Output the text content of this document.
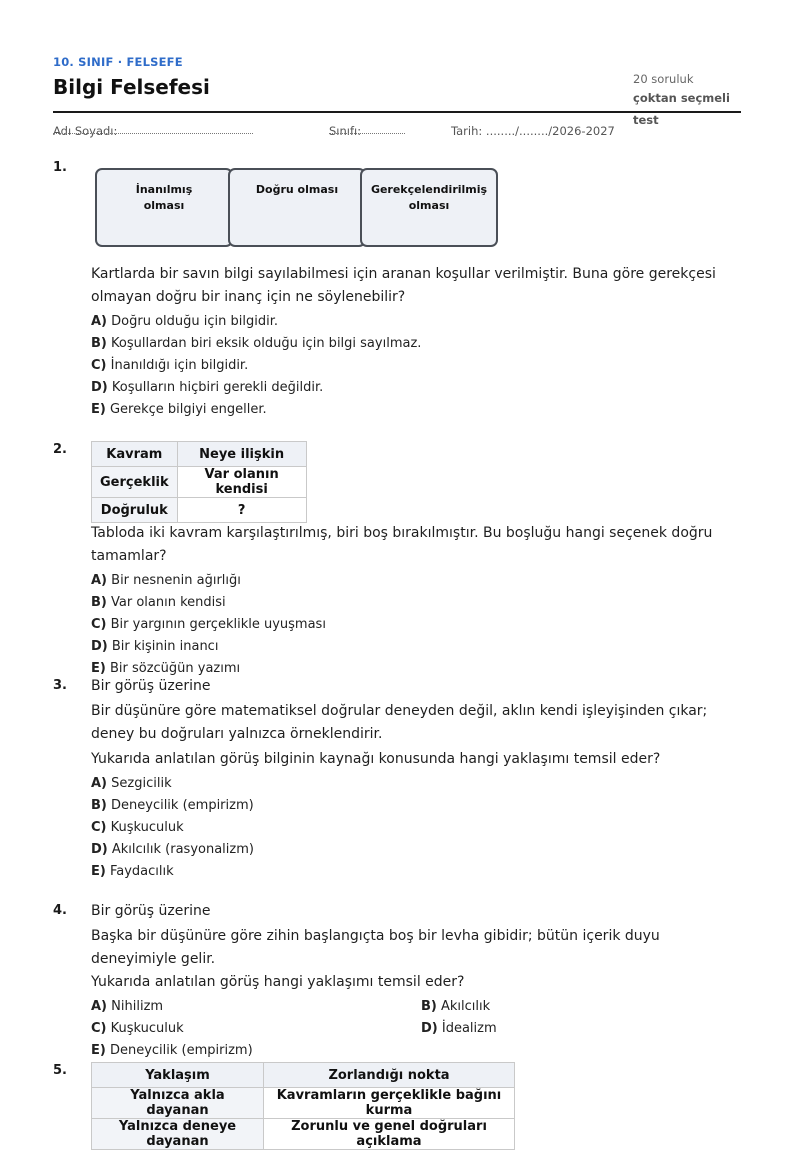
10. SINIF · FELSEFE
Bilgi Felsefesi	20 soruluk
çoktan seçmeli test
Adı Soyadı:	Sınıfı:	Tarih: ......../......../2026-2027
1.
İnanılmış
olması
Doğru olması	Gerekçelendirilmiş
olması
Kartlarda bir savın bilgi sayılabilmesi için aranan koşullar verilmiştir. Buna göre gerekçesi olmayan doğru bir inanç için ne söylenebilir?
A) Doğru olduğu için bilgidir.
B) Koşullardan biri eksik olduğu için bilgi sayılmaz.
C) İnanıldığı için bilgidir.
D) Koşulların hiçbiri gerekli değildir.
E) Gerekçe bilgiyi engeller.
2.	Kavram	Neye ilişkin
Gerçeklik	Var olanın kendisi
Doğruluk	?
Tabloda iki kavram karşılaştırılmış, biri boş bırakılmıştır. Bu boşluğu hangi seçenek doğru tamamlar?
A) Bir nesnenin ağırlığı
B) Var olanın kendisi
C) Bir yargının gerçeklikle uyuşması
D) Bir kişinin inancı
E) Bir sözcüğün yazımı
3. Bir görüş üzerine
Bir düşünüre göre matematiksel doğrular deneyden değil, aklın kendi işleyişinden çıkar; deney bu doğruları yalnızca örneklendirir.
Yukarıda anlatılan görüş bilginin kaynağı konusunda hangi yaklaşımı temsil eder?
A) Sezgicilik
B) Deneycilik (empirizm)
C) Kuşkuculuk
D) Akılcılık (rasyonalizm)
E) Faydacılık
4. Bir görüş üzerine
Başka bir düşünüre göre zihin başlangıçta boş bir levha gibidir; bütün içerik duyu deneyimiyle gelir.
Yukarıda anlatılan görüş hangi yaklaşımı temsil eder?
A) Nihilizm	B) Akılcılık
C) Kuşkuculuk	D) İdealizm
E) Deneycilik (empirizm)
5.	Yaklaşım	Zorlandığı nokta
Yalnızca akla dayanan	Kavramların gerçeklikle bağını kurma
Yalnızca deneye dayanan	Zorunlu ve genel doğruları açıklama
